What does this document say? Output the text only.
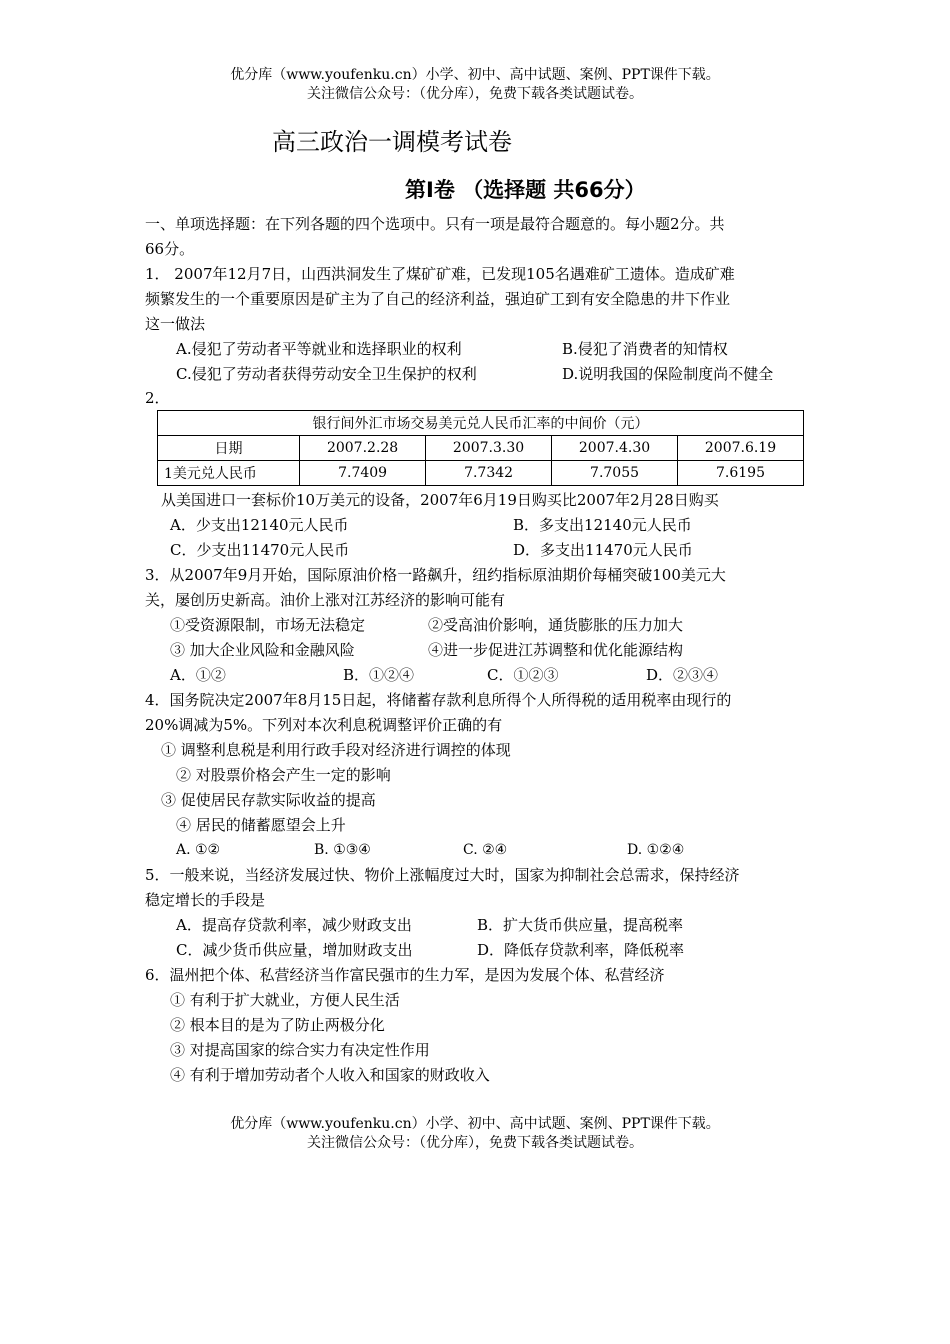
优分库（www.youfenku.cn）小学、初中、高中试题、案例、PPT课件下载。
关注微信公众号：（优分库），免费下载各类试题试卷。
高三政治一调模考试卷
第Ⅰ卷 （选择题 共66分）
一、单项选择题：在下列各题的四个选项中。只有一项是最符合题意的。每小题2分。共
66分。
1． 2007年12月7日，山西洪洞发生了煤矿矿难，已发现105名遇难矿工遗体。造成矿难
频繁发生的一个重要原因是矿主为了自己的经济利益，强迫矿工到有安全隐患的井下作业
这一做法
A.侵犯了劳动者平等就业和选择职业的权利	B.侵犯了消费者的知情权
C.侵犯了劳动者获得劳动安全卫生保护的权利	D.说明我国的保险制度尚不健全
2．
银行间外汇市场交易美元兑人民币汇率的中间价（元）				
日期	2007.2.28	2007.3.30	2007.4.30	2007.6.19
1美元兑人民币	7.7409	7.7342	7.7055	7.6195
从美国进口一套标价10万美元的设备，2007年6月19日购买比2007年2月28日购买
A．少支出12140元人民币	B．多支出12140元人民币
C．少支出11470元人民币	D．多支出11470元人民币
3．从2007年9月开始，国际原油价格一路飙升，纽约指标原油期价每桶突破100美元大
关，屡创历史新高。油价上涨对江苏经济的影响可能有
①受资源限制，市场无法稳定	②受高油价影响，通货膨胀的压力加大
③ 加大企业风险和金融风险	④进一步促进江苏调整和优化能源结构
A．①②	B．①②④	C．①②③	D．②③④
4．国务院决定2007年8月15日起，将储蓄存款利息所得个人所得税的适用税率由现行的
20%调减为5%。下列对本次利息税调整评价正确的有
① 调整利息税是利用行政手段对经济进行调控的体现
② 对股票价格会产生一定的影响
③ 促使居民存款实际收益的提高
④ 居民的储蓄愿望会上升
A. ①②	B. ①③④	C. ②④	D. ①②④
5．一般来说，当经济发展过快、物价上涨幅度过大时，国家为抑制社会总需求，保持经济
稳定增长的手段是
A．提高存贷款利率，减少财政支出	B．扩大货币供应量，提高税率
C．减少货币供应量，增加财政支出	D．降低存贷款利率，降低税率
6．温州把个体、私营经济当作富民强市的生力军，是因为发展个体、私营经济
① 有利于扩大就业，方便人民生活
② 根本目的是为了防止两极分化
③ 对提高国家的综合实力有决定性作用
④ 有利于增加劳动者个人收入和国家的财政收入
优分库（www.youfenku.cn）小学、初中、高中试题、案例、PPT课件下载。
关注微信公众号：（优分库），免费下载各类试题试卷。
